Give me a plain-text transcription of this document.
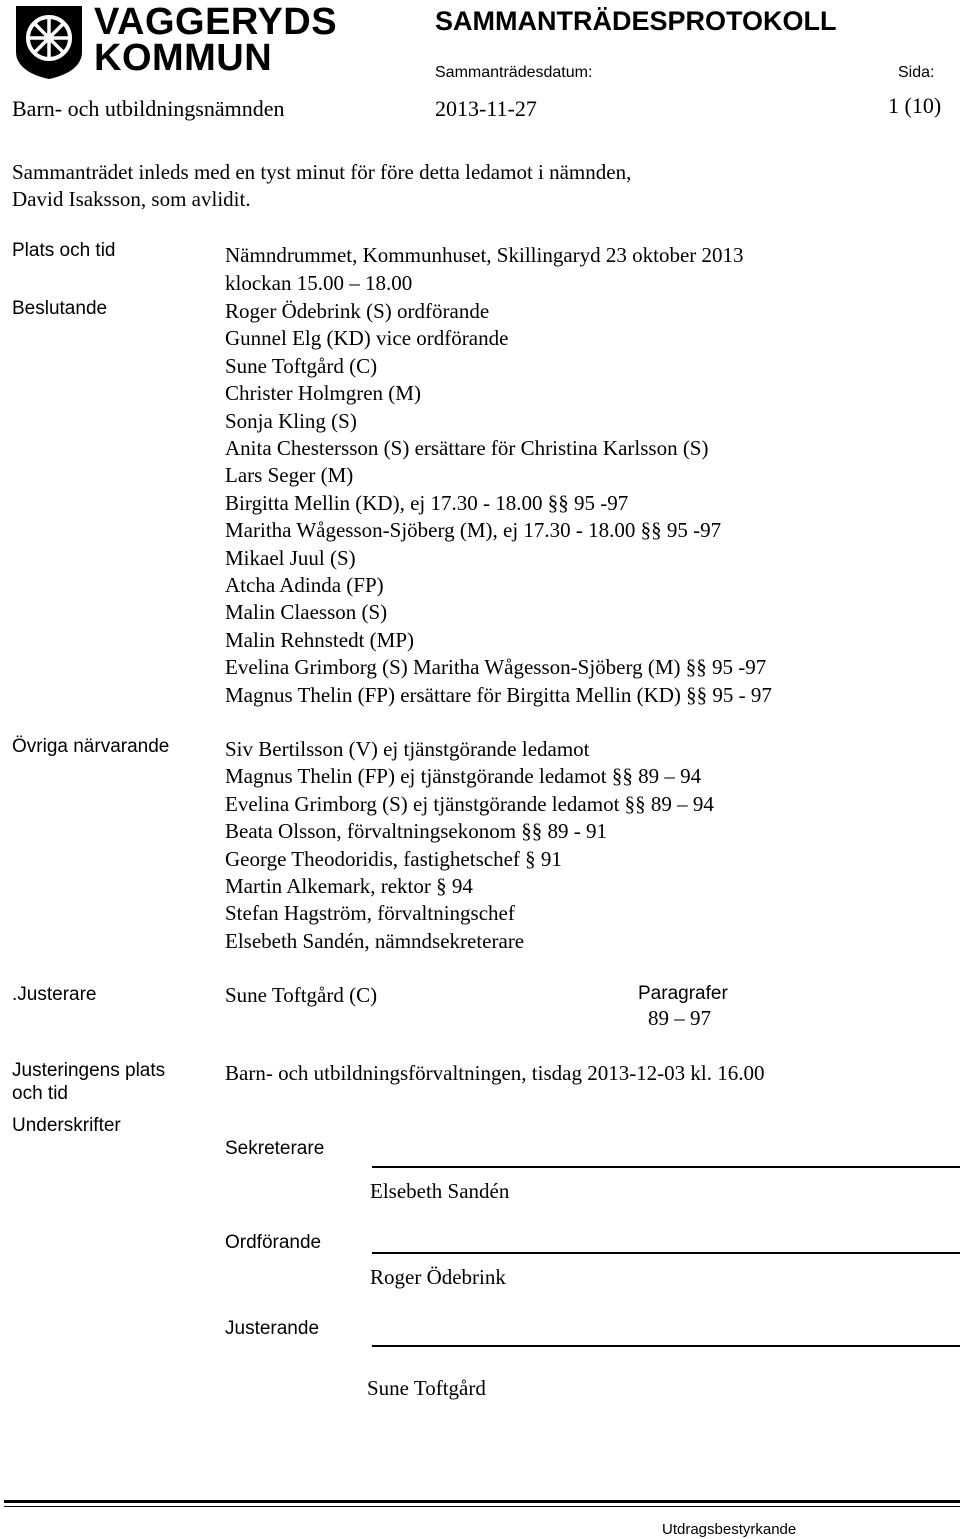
VAGGERYDS
KOMMUN
SAMMANTRÄDESPROTOKOLL
Sammanträdesdatum:	Sida:
Barn- och utbildningsnämnden	2013-11-27	1 (10)
Sammanträdet inleds med en tyst minut för före detta ledamot i nämnden,
David Isaksson, som avlidit.
Plats och tid	Nämndrummet, Kommunhuset, Skillingaryd 23 oktober 2013
klockan 15.00 – 18.00
Beslutande	Roger Ödebrink (S) ordförande
Gunnel Elg (KD) vice ordförande
Sune Toftgård (C)
Christer Holmgren (M)
Sonja Kling (S)
Anita Chestersson (S) ersättare för Christina Karlsson (S)
Lars Seger (M)
Birgitta Mellin (KD), ej 17.30 - 18.00 §§ 95 -97
Maritha Wågesson-Sjöberg (M), ej 17.30 - 18.00 §§ 95 -97
Mikael Juul (S)
Atcha Adinda (FP)
Malin Claesson (S)
Malin Rehnstedt (MP)
Evelina Grimborg (S) Maritha Wågesson-Sjöberg (M) §§ 95 -97
Magnus Thelin (FP) ersättare för Birgitta Mellin (KD) §§ 95 - 97
Övriga närvarande	Siv Bertilsson (V) ej tjänstgörande ledamot
Magnus Thelin (FP) ej tjänstgörande ledamot §§ 89 – 94
Evelina Grimborg (S) ej tjänstgörande ledamot §§ 89 – 94
Beata Olsson, förvaltningsekonom §§ 89 - 91
George Theodoridis, fastighetschef § 91
Martin Alkemark, rektor § 94
Stefan Hagström, förvaltningschef
Elsebeth Sandén, nämndsekreterare
.Justerare	Sune Toftgård (C)	Paragrafer
89 – 97
Justeringens plats
och tid
Barn- och utbildningsförvaltningen, tisdag 2013-12-03 kl. 16.00
Underskrifter
Sekreterare
Elsebeth Sandén
Ordförande
Roger Ödebrink
Justerande
Sune Toftgård
Utdragsbestyrkande
